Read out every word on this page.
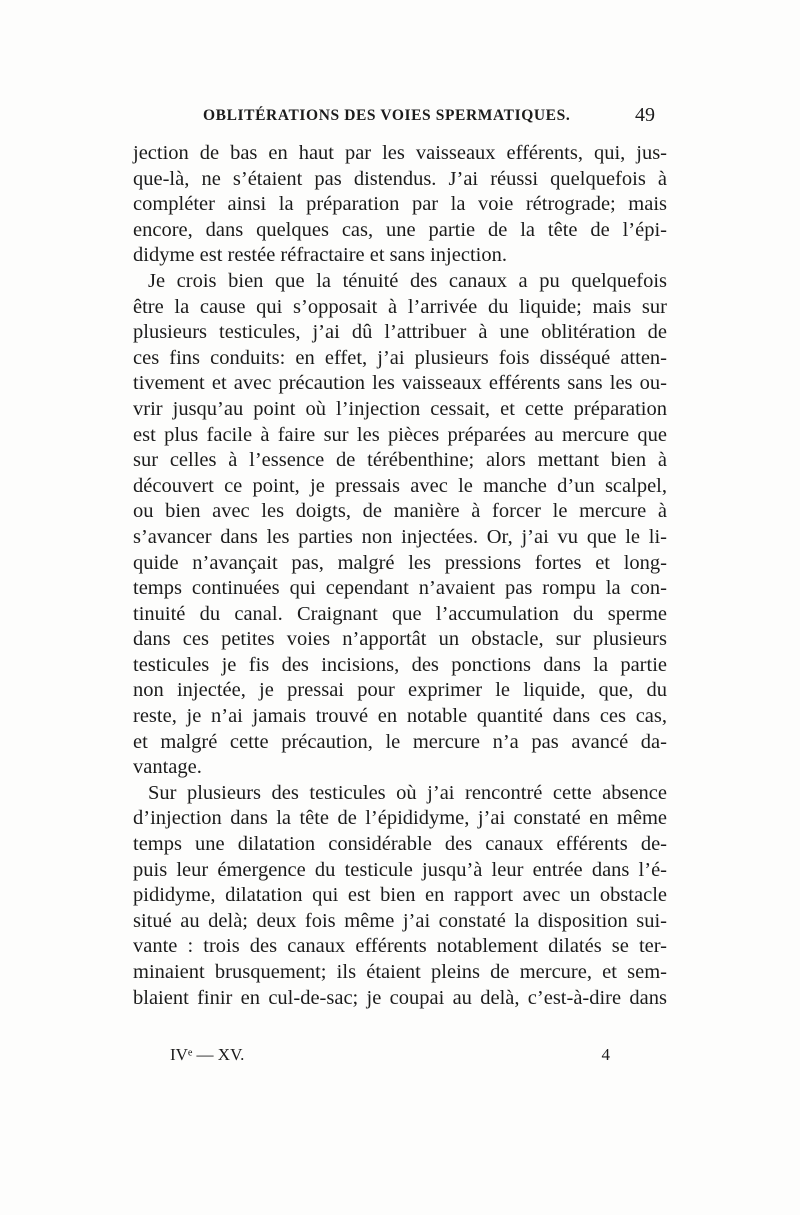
OBLITÉRATIONS DES VOIES SPERMATIQUES.	49
jection de bas en haut par les vaisseaux efférents, qui, jus-
que-là, ne s’étaient pas distendus. J’ai réussi quelquefois à
compléter ainsi la préparation par la voie rétrograde; mais
encore, dans quelques cas, une partie de la tête de l’épi-
didyme est restée réfractaire et sans injection.
Je crois bien que la ténuité des canaux a pu quelquefois
être la cause qui s’opposait à l’arrivée du liquide; mais sur
plusieurs testicules, j’ai dû l’attribuer à une oblitération de
ces fins conduits: en effet, j’ai plusieurs fois disséqué atten-
tivement et avec précaution les vaisseaux efférents sans les ou-
vrir jusqu’au point où l’injection cessait, et cette préparation
est plus facile à faire sur les pièces préparées au mercure que
sur celles à l’essence de térébenthine; alors mettant bien à
découvert ce point, je pressais avec le manche d’un scalpel,
ou bien avec les doigts, de manière à forcer le mercure à
s’avancer dans les parties non injectées. Or, j’ai vu que le li-
quide n’avançait pas, malgré les pressions fortes et long-
temps continuées qui cependant n’avaient pas rompu la con-
tinuité du canal. Craignant que l’accumulation du sperme
dans ces petites voies n’apportât un obstacle, sur plusieurs
testicules je fis des incisions, des ponctions dans la partie
non injectée, je pressai pour exprimer le liquide, que, du
reste, je n’ai jamais trouvé en notable quantité dans ces cas,
et malgré cette précaution, le mercure n’a pas avancé da-
vantage.
Sur plusieurs des testicules où j’ai rencontré cette absence
d’injection dans la tête de l’épididyme, j’ai constaté en même
temps une dilatation considérable des canaux efférents de-
puis leur émergence du testicule jusqu’à leur entrée dans l’é-
pididyme, dilatation qui est bien en rapport avec un obstacle
situé au delà; deux fois même j’ai constaté la disposition sui-
vante : trois des canaux efférents notablement dilatés se ter-
minaient brusquement; ils étaient pleins de mercure, et sem-
blaient finir en cul-de-sac; je coupai au delà, c’est-à-dire dans
IVᵉ — XV.	4
